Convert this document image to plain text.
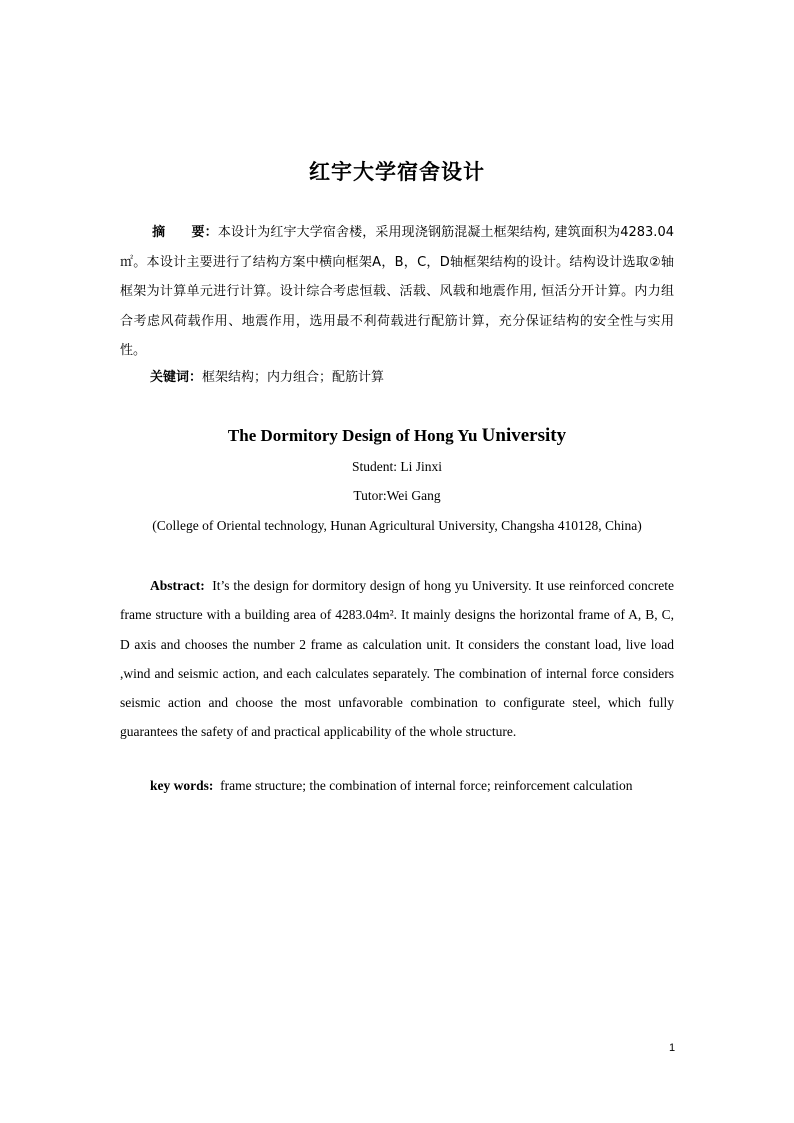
红宇大学宿舍设计
摘　　要：本设计为红宇大学宿舍楼，采用现浇钢筋混凝土框架结构, 建筑面积为4283.04㎡。本设计主要进行了结构方案中横向框架A，B，C，D轴框架结构的设计。结构设计选取②轴框架为计算单元进行计算。设计综合考虑恒载、活载、风载和地震作用, 恒活分开计算。内力组合考虑风荷载作用、地震作用，选用最不利荷载进行配筋计算，充分保证结构的安全性与实用性。
关键词：框架结构；内力组合；配筋计算
The Dormitory Design of Hong Yu University
Student: Li Jinxi
Tutor:Wei Gang
(College of Oriental technology, Hunan Agricultural University, Changsha 410128, China)
Abstract: It’s the design for dormitory design of hong yu University. It use reinforced concrete frame structure with a building area of 4283.04m². It mainly designs the horizontal frame of A, B, C, D axis and chooses the number 2 frame as calculation unit. It considers the constant load, live load ,wind and seismic action, and each calculates separately. The combination of internal force considers seismic action and choose the most unfavorable combination to configurate steel, which fully guarantees the safety of and practical applicability of the whole structure.
key words: frame structure; the combination of internal force; reinforcement calculation
1
